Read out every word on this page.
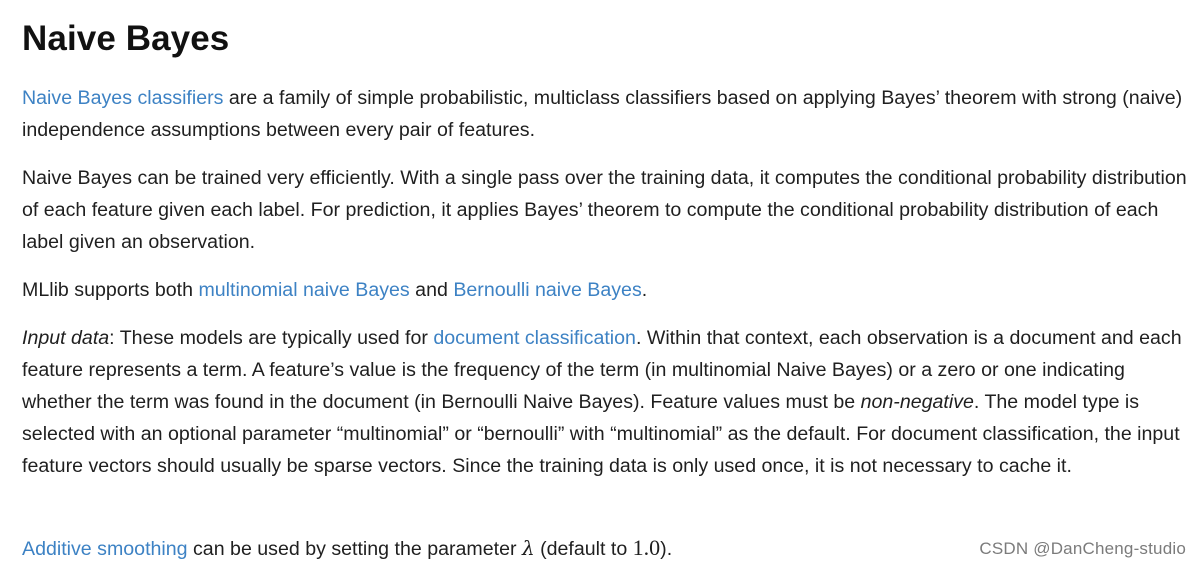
Naive Bayes

Naive Bayes classifiers are a family of simple probabilistic, multiclass classifiers based on applying Bayes’ theorem with strong (naive) independence assumptions between every pair of features.

Naive Bayes can be trained very efficiently. With a single pass over the training data, it computes the conditional probability distribution of each feature given each label. For prediction, it applies Bayes’ theorem to compute the conditional probability distribution of each label given an observation.

MLlib supports both multinomial naive Bayes and Bernoulli naive Bayes.

Input data: These models are typically used for document classification. Within that context, each observation is a document and each feature represents a term. A feature’s value is the frequency of the term (in multinomial Naive Bayes) or a zero or one indicating whether the term was found in the document (in Bernoulli Naive Bayes). Feature values must be non-negative. The model type is selected with an optional parameter “multinomial” or “bernoulli” with “multinomial” as the default. For document classification, the input feature vectors should usually be sparse vectors. Since the training data is only used once, it is not necessary to cache it.

Additive smoothing can be used by setting the parameter λ (default to 1.0).	CSDN @DanCheng-studio
